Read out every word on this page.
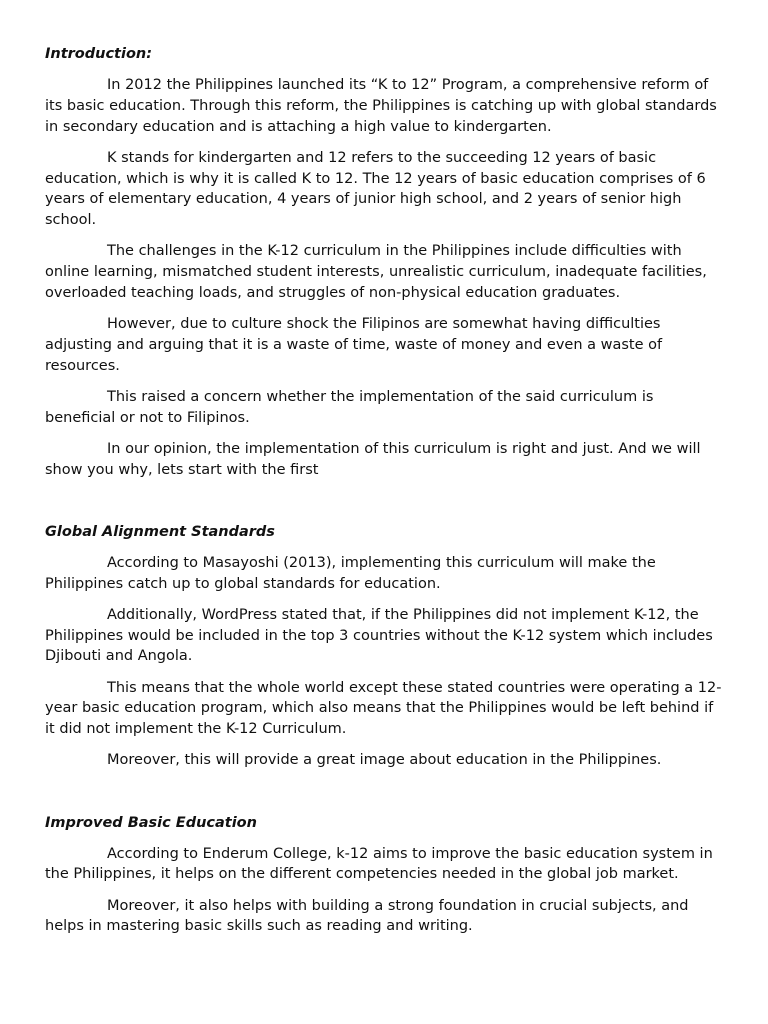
Introduction:

In 2012 the Philippines launched its “K to 12” Program, a comprehensive reform of its basic education. Through this reform, the Philippines is catching up with global standards in secondary education and is attaching a high value to kindergarten.

K stands for kindergarten and 12 refers to the succeeding 12 years of basic education, which is why it is called K to 12. The 12 years of basic education comprises of 6 years of elementary education, 4 years of junior high school, and 2 years of senior high school.

The challenges in the K-12 curriculum in the Philippines include difficulties with online learning, mismatched student interests, unrealistic curriculum, inadequate facilities, overloaded teaching loads, and struggles of non-physical education graduates.

However, due to culture shock the Filipinos are somewhat having difficulties adjusting and arguing that it is a waste of time, waste of money and even a waste of resources.

This raised a concern whether the implementation of the said curriculum is beneficial or not to Filipinos.

In our opinion, the implementation of this curriculum is right and just. And we will show you why, lets start with the first

Global Alignment Standards

According to Masayoshi (2013), implementing this curriculum will make the Philippines catch up to global standards for education.

Additionally, WordPress stated that, if the Philippines did not implement K-12, the Philippines would be included in the top 3 countries without the K-12 system which includes Djibouti and Angola.

This means that the whole world except these stated countries were operating a 12-year basic education program, which also means that the Philippines would be left behind if it did not implement the K-12 Curriculum.

Moreover, this will provide a great image about education in the Philippines.

Improved Basic Education

According to Enderum College, k-12 aims to improve the basic education system in the Philippines, it helps on the different competencies needed in the global job market.

Moreover, it also helps with building a strong foundation in crucial subjects, and helps in mastering basic skills such as reading and writing.
